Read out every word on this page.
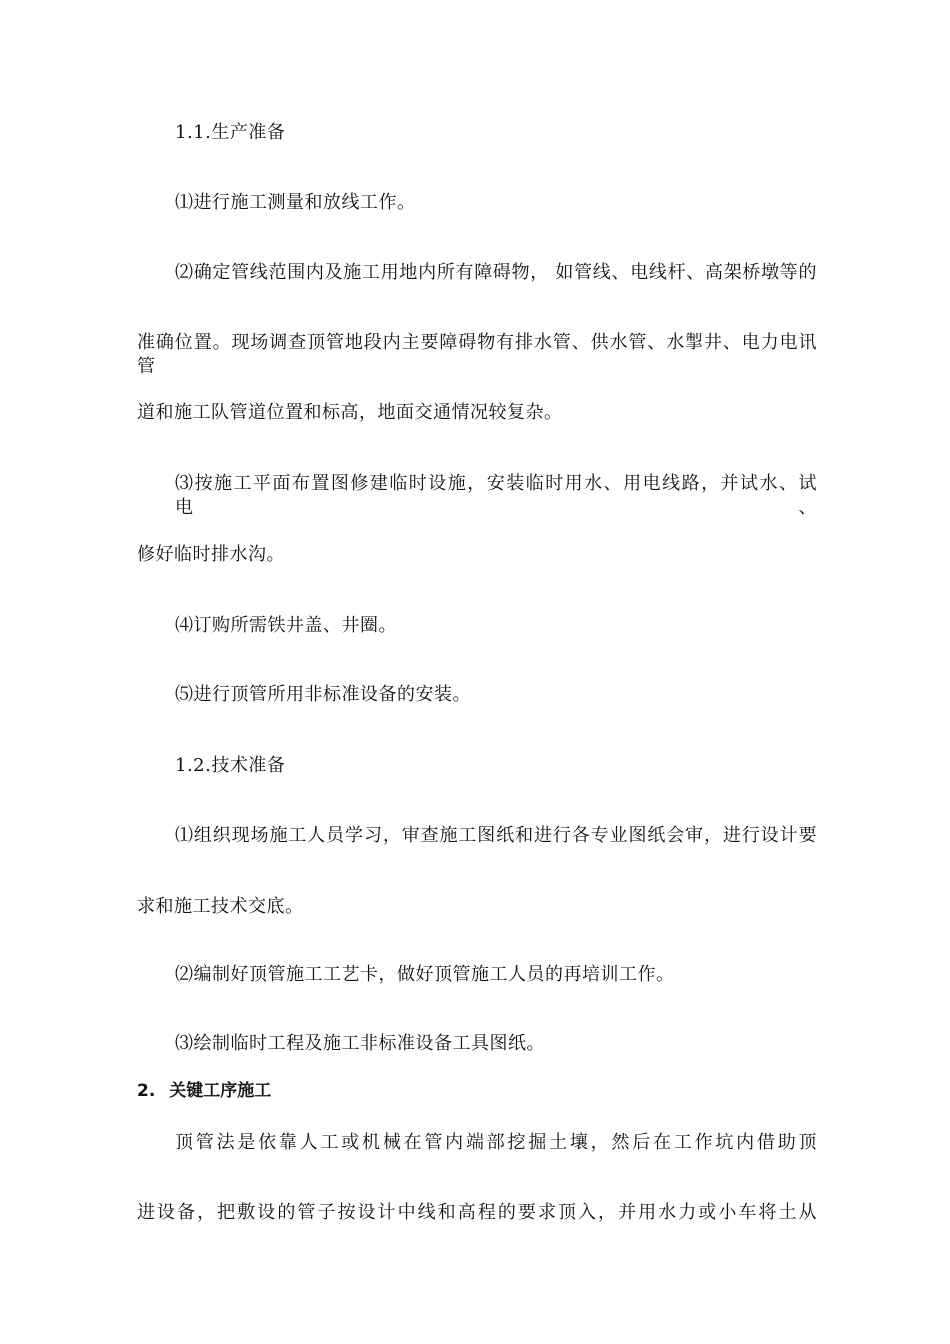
1.1.生产准备
⑴进行施工测量和放线工作。
⑵确定管线范围内及施工用地内所有障碍物， 如管线、电线杆、高架桥墩等的
准确位置。现场调查顶管地段内主要障碍物有排水管、供水管、水掣井、电力电讯管
道和施工队管道位置和标高，地面交通情况较复杂。
⑶按施工平面布置图修建临时设施，安装临时用水、用电线路，并试水、试电、
修好临时排水沟。
⑷订购所需铁井盖、井圈。
⑸进行顶管所用非标准设备的安装。
1.2.技术准备
⑴组织现场施工人员学习，审查施工图纸和进行各专业图纸会审，进行设计要
求和施工技术交底。
⑵编制好顶管施工工艺卡，做好顶管施工人员的再培训工作。
⑶绘制临时工程及施工非标准设备工具图纸。
2. 关键工序施工
顶管法是依靠人工或机械在管内端部挖掘土壤，然后在工作坑内借助顶
进设备，把敷设的管子按设计中线和高程的要求顶入，并用水力或小车将土从
